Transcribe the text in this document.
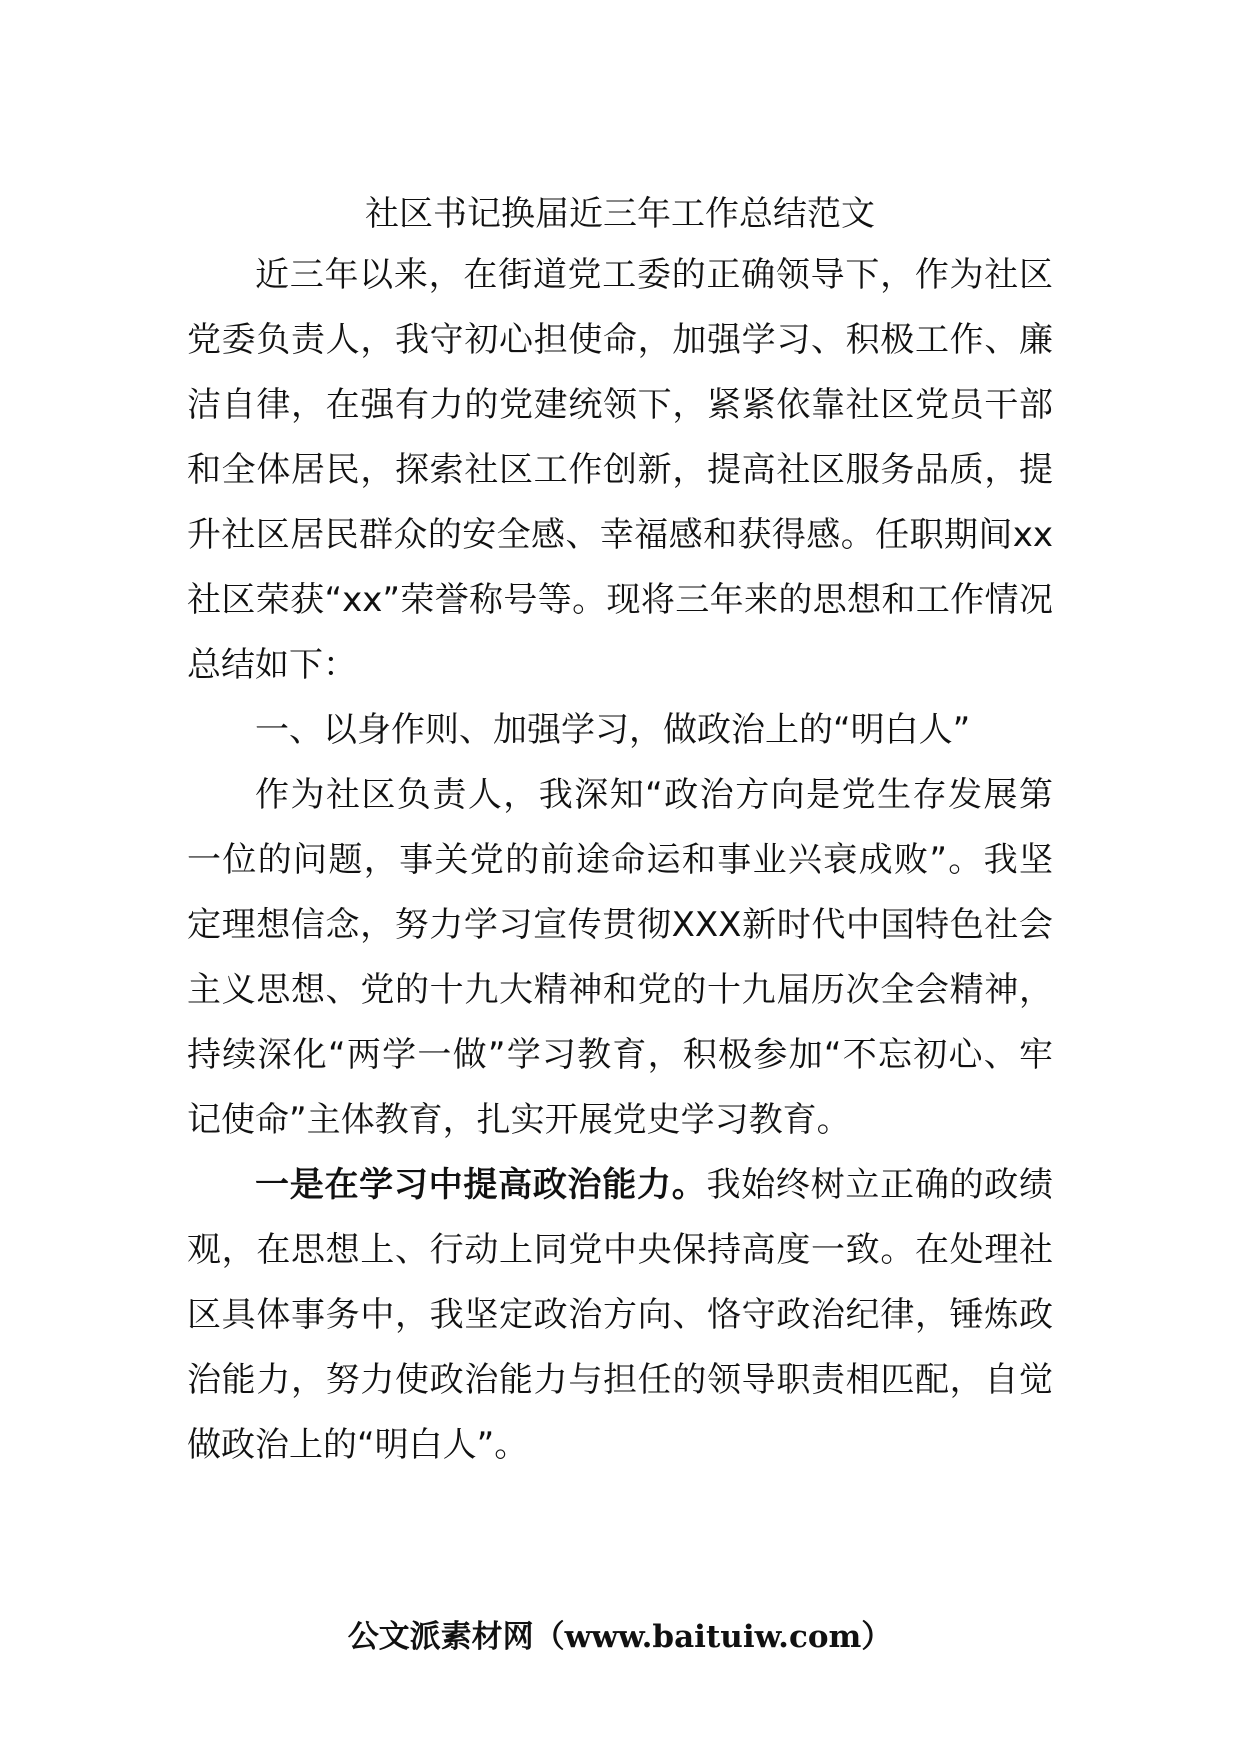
社区书记换届近三年工作总结范文

近三年以来，在街道党工委的正确领导下，作为社区党委负责人，我守初心担使命，加强学习、积极工作、廉洁自律，在强有力的党建统领下，紧紧依靠社区党员干部和全体居民，探索社区工作创新，提高社区服务品质，提升社区居民群众的安全感、幸福感和获得感。任职期间xx社区荣获“xx”荣誉称号等。现将三年来的思想和工作情况总结如下：

一、以身作则、加强学习，做政治上的“明白人”

作为社区负责人，我深知“政治方向是党生存发展第一位的问题，事关党的前途命运和事业兴衰成败”。我坚定理想信念，努力学习宣传贯彻XXX新时代中国特色社会主义思想、党的十九大精神和党的十九届历次全会精神，持续深化“两学一做”学习教育，积极参加“不忘初心、牢记使命”主体教育，扎实开展党史学习教育。

一是在学习中提高政治能力。我始终树立正确的政绩观，在思想上、行动上同党中央保持高度一致。在处理社区具体事务中，我坚定政治方向、恪守政治纪律，锤炼政治能力，努力使政治能力与担任的领导职责相匹配，自觉做政治上的“明白人”。

公文派素材网（www.baituiw.com）
